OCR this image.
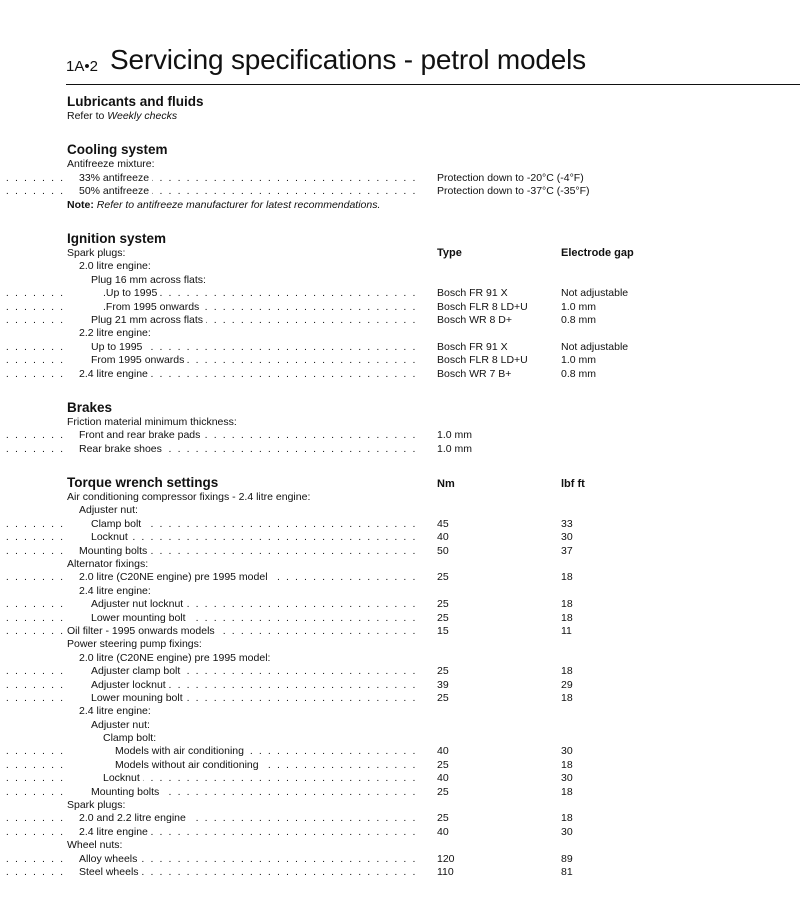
1A•2 Servicing specifications - petrol models
Lubricants and fluids
Refer to Weekly checks
Cooling system
Antifreeze mixture:
. . .
33% antifreeze	Protection down to -20°C (-4°F)
. . .
50% antifreeze	Protection down to -37°C (-35°F)
Note: Refer to antifreeze manufacturer for latest recommendations.
Ignition system
Spark plugs:	Type	Electrode gap
2.0 litre engine:
Plug 16 mm across flats:
. . .
.Up to 1995	Bosch FR 91 X	Not adjustable
. . .
.From 1995 onwards	Bosch FLR 8 LD+U	1.0 mm
. . .
Plug 21 mm across flats	Bosch WR 8 D+	0.8 mm
2.2 litre engine:
. . .
Up to 1995	Bosch FR 91 X	Not adjustable
. . .
From 1995 onwards	Bosch FLR 8 LD+U	1.0 mm
. . .
2.4 litre engine	Bosch WR 7 B+	0.8 mm
Brakes
Friction material minimum thickness:
. . .
Front and rear brake pads	1.0 mm
. . .
Rear brake shoes	1.0 mm
Torque wrench settings	Nm	lbf ft
Air conditioning compressor fixings - 2.4 litre engine:
Adjuster nut:
. . .
Clamp bolt	45	33
. . .
Locknut	40	30
. . .
Mounting bolts	50	37
Alternator fixings:
. . .
2.0 litre (C20NE engine) pre 1995 model	25	18
2.4 litre engine:
. . .
Adjuster nut locknut	25	18
. . .
Lower mounting bolt	25	18
. . .
Oil filter - 1995 onwards models	15	11
Power steering pump fixings:
2.0 litre (C20NE engine) pre 1995 model:
. . .
Adjuster clamp bolt	25	18
. . .
Adjuster locknut	39	29
. . .
Lower mouning bolt	25	18
2.4 litre engine:
Adjuster nut:
Clamp bolt:
. . .
Models with air conditioning	40	30
. . .
Models without air conditioning	25	18
. . .
Locknut	40	30
. . .
Mounting bolts	25	18
Spark plugs:
. . .
2.0 and 2.2 litre engine	25	18
. . .
2.4 litre engine	40	30
Wheel nuts:
. . .
Alloy wheels	120	89
. . .
Steel wheels	110	81
